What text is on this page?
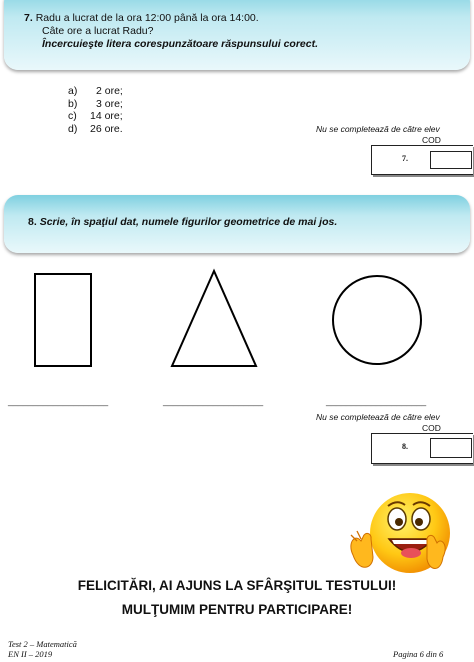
7. Radu a lucrat de la ora 12:00 până la ora 14:00.
Câte ore a lucrat Radu?
Încercuieşte litera corespunzătoare răspunsului corect.
a) 2 ore;
b) 3 ore;
c) 14 ore;
d) 26 ore.	Nu se completează de către elev
COD
7.
8. Scrie, în spaţiul dat, numele figurilor geometrice de mai jos.
____________________	____________________	____________________
Nu se completează de către elev
COD
8.
FELICITĂRI, AI AJUNS LA SFÂRŞITUL TESTULUI!
MULŢUMIM PENTRU PARTICIPARE!
Test 2 – Matematică
EN II – 2019	Pagina 6 din 6
